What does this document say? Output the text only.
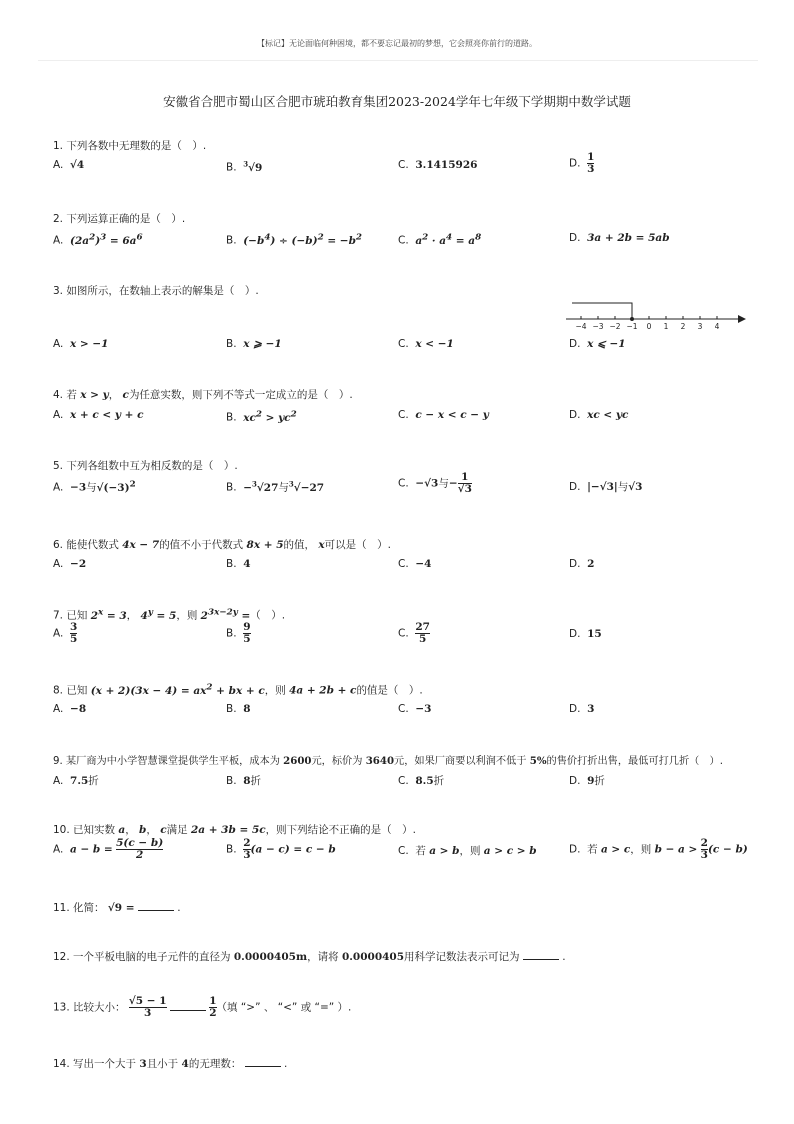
【标记】无论面临何种困境，都不要忘记最初的梦想，它会照亮你前行的道路。
安徽省合肥市蜀山区合肥市琥珀教育集团2023-2024学年七年级下学期期中数学试题
1. 下列各数中无理数的是（　）.
A.  √4	B.  $^3$√9	C.  3.1415926	D. $\frac{1}{3}$
2. 下列运算正确的是（　）.
A.  $(2a^2)^3 = 6a^6$	B.  $(-b^4) \div (-b)^2 = -b^2$	C.  $a^2 \cdot a^4 = a^8$	D.  3a + 2b = 5ab
3. 如图所示，在数轴上表示的解集是（　）.
−4 −3 −2 −1 0 1 2 3 4
A.  x > −1	B.  x ⩾ −1	C.  x < −1	D.  x ⩽ −1
4. 若 x > y， c为任意实数，则下列不等式一定成立的是（　）.
A.  x + c < y + c	B.  $xc^2 > yc^2$	C.  c − x < c − y	D.  xc < yc
5. 下列各组数中互为相反数的是（　）.
A.  −3与$√(-3)^2$	B.  −$^3$√27与$^3$√−27	C.  −√3与− $\frac{1}{√3}$	D.  |−√3|与√3
6. 能使代数式 4x − 7的值不小于代数式 8x + 5的值， x可以是（　）.
A.  −2	B.  4	C.  −4	D.  2
7. 已知 $2^x = 3$， $4^y = 5$，则 $2^{3x-2y}$ =（　）.
A. $\frac{3}{5}$	B. $\frac{9}{5}$	C. $\frac{27}{5}$	D.  15
8. 已知 $(x + 2)(3x - 4) = ax^2$ + bx + c，则 4a + 2b + c的值是（　）.
A.  −8	B.  8	C.  −3	D.  3
9. 某厂商为中小学智慧课堂提供学生平板，成本为 2600元，标价为 3640元，如果厂商要以利润不低于 5%的售价打折出售，最低可打几折（　）.
A.  7.5折	B.  8折	C.  8.5折	D.  9折
10. 已知实数 a， b， c满足 2a + 3b = 5c，则下列结论不正确的是（　）.
A.  $a - b = \frac{5(c - b)}{2}$	B. $\frac{2}{3} (a - c) = c - b$	C.  若 a > b，则 a > c > b	D.  若 a > c，则 $b - a > \frac{2}{3} (c - b)$
11. 化简： √9 =	.
12. 一个平板电脑的电子元件的直径为 0.0000405m，请将 0.0000405用科学记数法表示可记为	.
13. 比较大小： $\frac{√5 - 1}{3}$
	$\frac{1}{2}$ （填 “>” 、 “<” 或 “=” ）.
14. 写出一个大于 3且小于 4的无理数：	.
